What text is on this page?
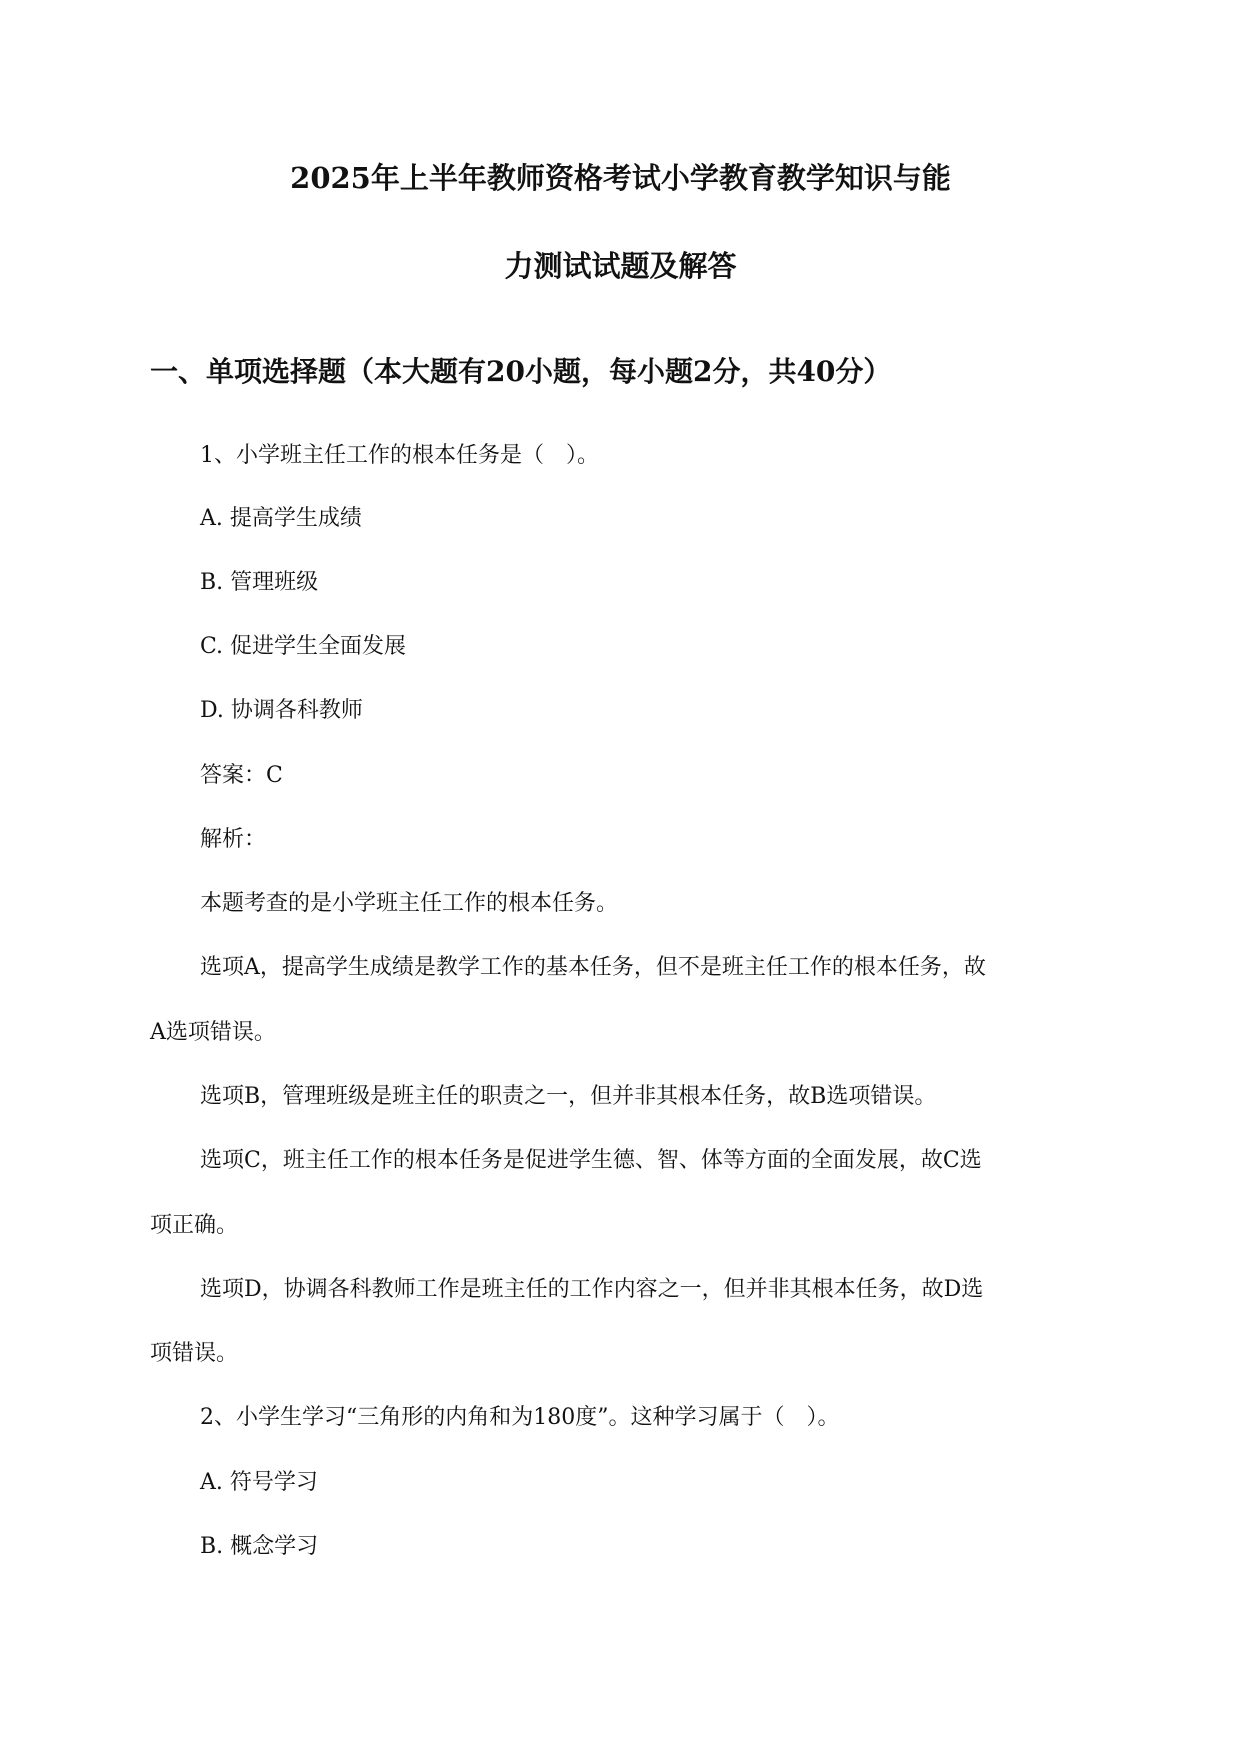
2025年上半年教师资格考试小学教育教学知识与能
力测试试题及解答
一、单项选择题（本大题有20小题，每小题2分，共40分）
1、小学班主任工作的根本任务是（　）。
A. 提高学生成绩
B. 管理班级
C. 促进学生全面发展
D. 协调各科教师
答案：C
解析：
本题考查的是小学班主任工作的根本任务。
选项A，提高学生成绩是教学工作的基本任务，但不是班主任工作的根本任务，故
A选项错误。
选项B，管理班级是班主任的职责之一，但并非其根本任务，故B选项错误。
选项C，班主任工作的根本任务是促进学生德、智、体等方面的全面发展，故C选
项正确。
选项D，协调各科教师工作是班主任的工作内容之一，但并非其根本任务，故D选
项错误。
2、小学生学习“三角形的内角和为180度”。这种学习属于（　）。
A. 符号学习
B. 概念学习
